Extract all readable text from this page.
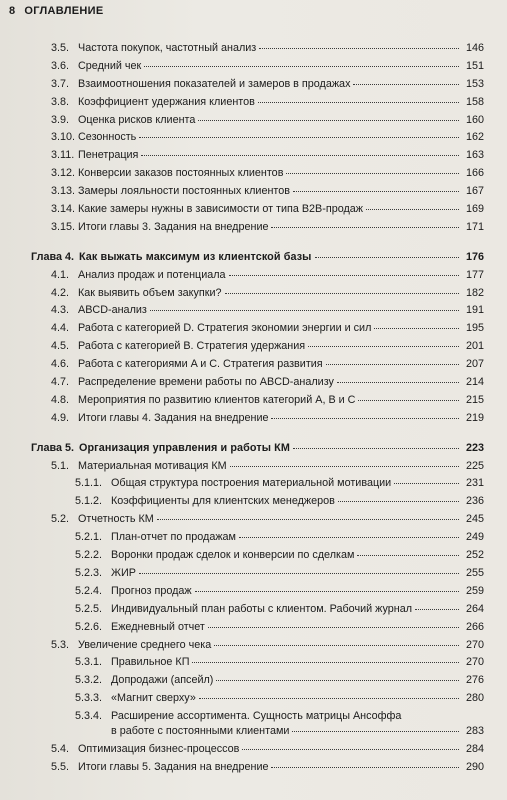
8 ОГЛАВЛЕНИЕ
3.5. Частота покупок, частотный анализ	146
3.6. Средний чек	151
3.7. Взаимоотношения показателей и замеров в продажах	153
3.8. Коэффициент удержания клиентов	158
3.9. Оценка рисков клиента	160
3.10. Сезонность	162
3.11. Пенетрация	163
3.12. Конверсии заказов постоянных клиентов	166
3.13. Замеры лояльности постоянных клиентов	167
3.14. Какие замеры нужны в зависимости от типа B2B-продаж	169
3.15. Итоги главы 3. Задания на внедрение	171
Глава 4. Как выжать максимум из клиентской базы	176
4.1. Анализ продаж и потенциала	177
4.2. Как выявить объем закупки?	182
4.3. ABCD-анализ	191
4.4. Работа с категорией D. Стратегия экономии энергии и сил	195
4.5. Работа с категорией B. Стратегия удержания	201
4.6. Работа с категориями A и C. Стратегия развития	207
4.7. Распределение времени работы по ABCD-анализу	214
4.8. Мероприятия по развитию клиентов категорий A, B и C	215
4.9. Итоги главы 4. Задания на внедрение	219
Глава 5. Организация управления и работы КМ	223
5.1. Материальная мотивация КМ	225
5.1.1. Общая структура построения материальной мотивации	231
5.1.2. Коэффициенты для клиентских менеджеров	236
5.2. Отчетность КМ	245
5.2.1. План-отчет по продажам	249
5.2.2. Воронки продаж сделок и конверсии по сделкам	252
5.2.3. ЖИР	255
5.2.4. Прогноз продаж	259
5.2.5. Индивидуальный план работы с клиентом. Рабочий журнал	264
5.2.6. Ежедневный отчет	266
5.3. Увеличение среднего чека	270
5.3.1. Правильное КП	270
5.3.2. Допродажи (апсейл)	276
5.3.3. «Магнит сверху»	280
5.3.4. Расширение ассортимента. Сущность матрицы Ансоффа
в работе с постоянными клиентами	283
5.4. Оптимизация бизнес-процессов	284
5.5. Итоги главы 5. Задания на внедрение	290
